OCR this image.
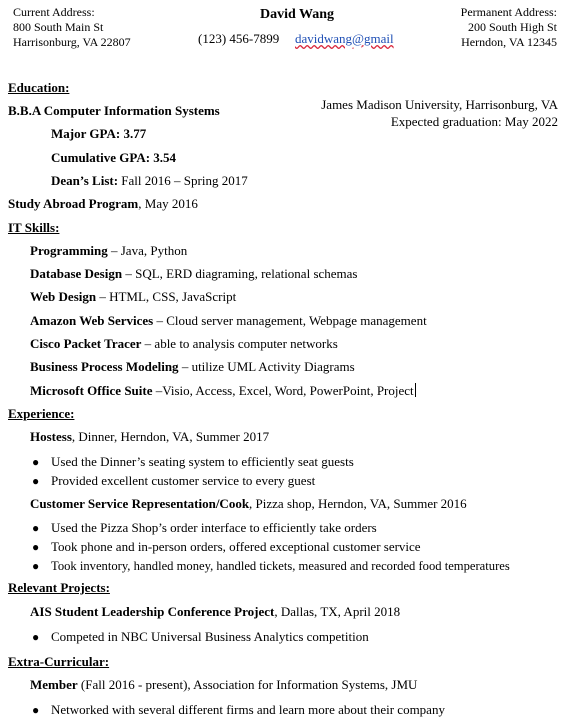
Current Address:
800 South Main St
Harrisonburg, VA 22807
David Wang
(123) 456-7899 davidwang@gmail
Permanent Address:
200 South High St
Herndon, VA 12345
Education:
B.B.A Computer Information Systems	James Madison University, Harrisonburg, VA
Expected graduation: May 2022
Major GPA: 3.77
Cumulative GPA: 3.54
Dean’s List: Fall 2016 – Spring 2017
Study Abroad Program, May 2016
IT Skills:
Programming – Java, Python
Database Design – SQL, ERD diagraming, relational schemas
Web Design – HTML, CSS, JavaScript
Amazon Web Services – Cloud server management, Webpage management
Cisco Packet Tracer – able to analysis computer networks
Business Process Modeling – utilize UML Activity Diagrams
Microsoft Office Suite –Visio, Access, Excel, Word, PowerPoint, Project
Experience:
Hostess, Dinner, Herndon, VA, Summer 2017
● Used the Dinner’s seating system to efficiently seat guests
● Provided excellent customer service to every guest
Customer Service Representation/Cook, Pizza shop, Herndon, VA, Summer 2016
● Used the Pizza Shop’s order interface to efficiently take orders
● Took phone and in-person orders, offered exceptional customer service
● Took inventory, handled money, handled tickets, measured and recorded food temperatures
Relevant Projects:
AIS Student Leadership Conference Project, Dallas, TX, April 2018
● Competed in NBC Universal Business Analytics competition
Extra-Curricular:
Member (Fall 2016 - present), Association for Information Systems, JMU
● Networked with several different firms and learn more about their company
